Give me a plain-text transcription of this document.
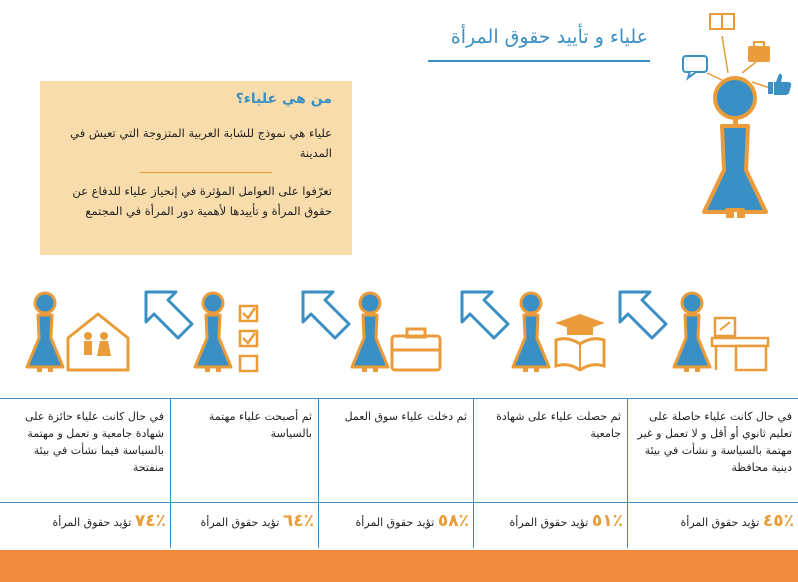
علياء و تأييد حقوق المرأة
من هي علياء؟
علياء هي نموذج للشابة العربية المتزوجة التي تعيش في المدينة
تعرّفوا على العوامل المؤثرة في إنحياز علياء للدفاع عن حقوق المرأة و تأييدها لأهمية دور المرأة في المجتمع
في حال كانت علياء حائزة على شهادة جامعية و تعمل و مهتمة بالسياسة فيما نشأت في بيئة منفتحة
٪٧٤ تؤيد حقوق المرأة
ثم أصبحت علياء مهتمة بالسياسة
٪٦٤ تؤيد حقوق المرأة
ثم دخلت علياء سوق العمل
٪٥٨ تؤيد حقوق المرأة
ثم حصلت علياء على شهادة جامعية
٪٥١ تؤيد حقوق المرأة
في حال كانت علياء حاصلة على تعليم ثانوي أو أقل و لا تعمل و غير مهتمة بالسياسة و نشأت في بيئة دينية محافظة
٪٤٥ تؤيد حقوق المرأة
